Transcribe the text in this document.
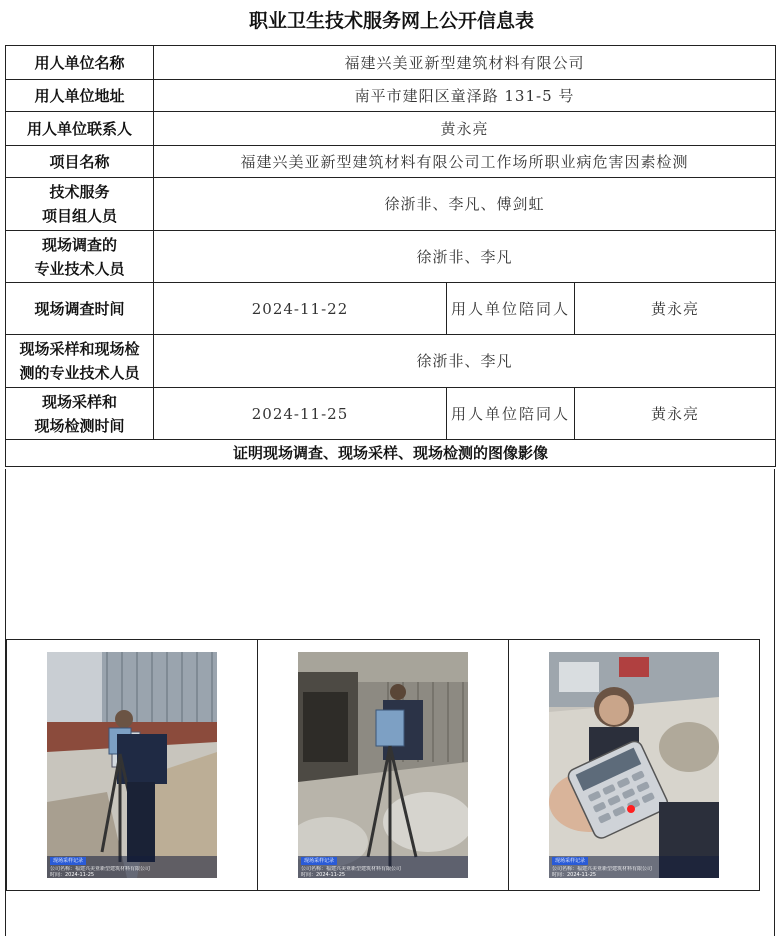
职业卫生技术服务网上公开信息表
用人单位名称	福建兴美亚新型建筑材料有限公司		
用人单位地址	南平市建阳区童泽路 131-5 号		
用人单位联系人	黄永亮		
项目名称	福建兴美亚新型建筑材料有限公司工作场所职业病危害因素检测		

技术服务
项目组人员	徐浙非、李凡、傅剑虹		

现场调查的
专业技术人员	徐浙非、李凡		
现场调查时间	2024-11-22	用人单位陪同人	黄永亮

现场采样和现场检
测的专业技术人员	徐浙非、李凡		

现场采样和
现场检测时间	2024-11-25	用人单位陪同人	黄永亮
证明现场调查、现场采样、现场检测的图像影像			
现场采样记录
公司名称：福建兴美亚新型建筑材料有限公司
时间：2024-11-25

现场采样记录
公司名称：福建兴美亚新型建筑材料有限公司
时间：2024-11-25

现场采样记录
公司名称：福建兴美亚新型建筑材料有限公司
时间：2024-11-25
